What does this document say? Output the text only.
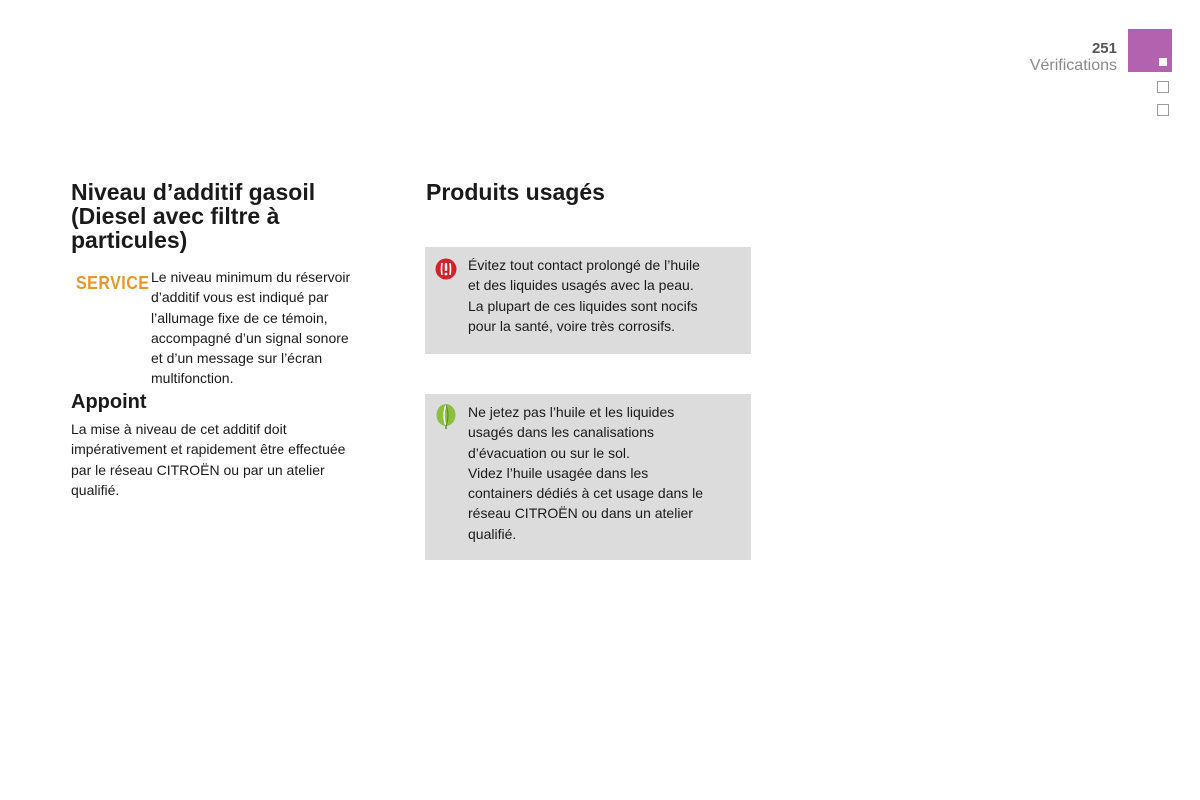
251
Vérifications
Niveau d’additif gasoil
(Diesel avec filtre à
particules)
SERVICE Le niveau minimum du réservoir
d’additif vous est indiqué par
l’allumage fixe de ce témoin,
accompagné d’un signal sonore
et d’un message sur l’écran
multifonction.
Appoint
La mise à niveau de cet additif doit
impérativement et rapidement être effectuée
par le réseau CITROËN ou par un atelier
qualifié.
Produits usagés
Évitez tout contact prolongé de l’huile
et des liquides usagés avec la peau.
La plupart de ces liquides sont nocifs
pour la santé, voire très corrosifs.
Ne jetez pas l’huile et les liquides
usagés dans les canalisations
d’évacuation ou sur le sol.
Videz l’huile usagée dans les
containers dédiés à cet usage dans le
réseau CITROËN ou dans un atelier
qualifié.
